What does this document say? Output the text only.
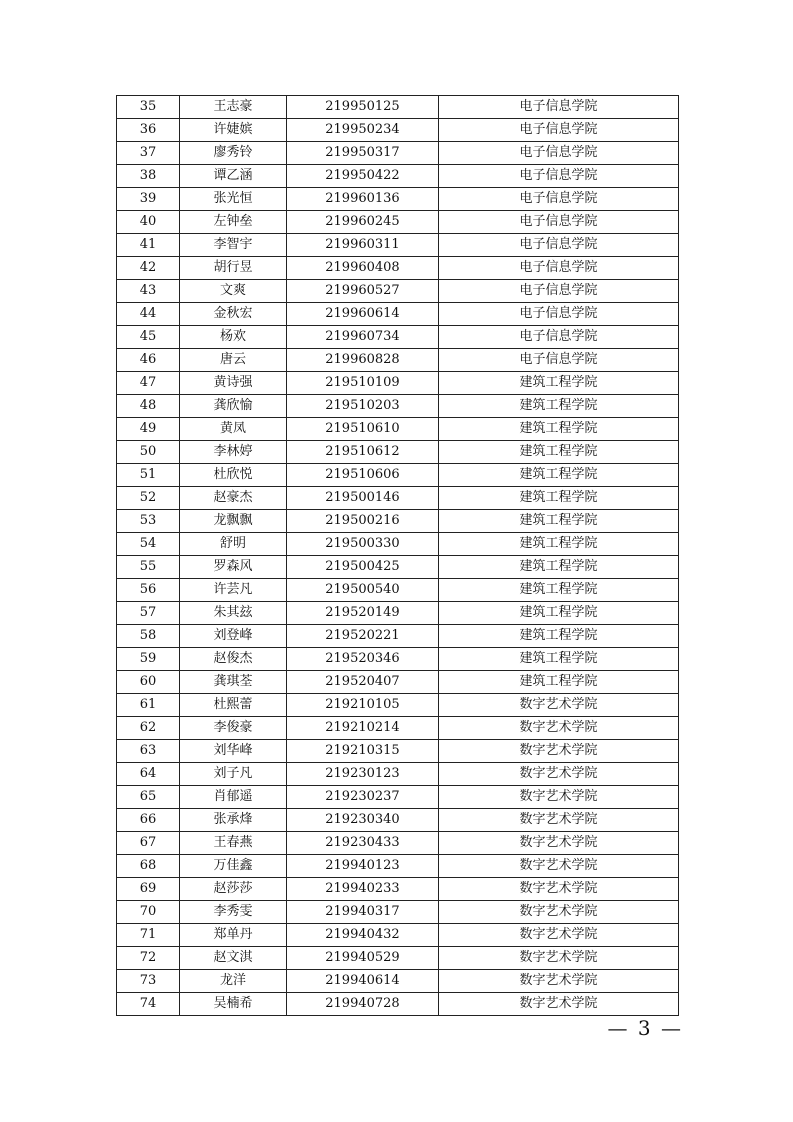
35	王志豪	219950125	电子信息学院
36	许婕嫔	219950234	电子信息学院
37	廖秀铃	219950317	电子信息学院
38	谭乙涵	219950422	电子信息学院
39	张光恒	219960136	电子信息学院
40	左钟垒	219960245	电子信息学院
41	李智宇	219960311	电子信息学院
42	胡行昱	219960408	电子信息学院
43	文爽	219960527	电子信息学院
44	金秋宏	219960614	电子信息学院
45	杨欢	219960734	电子信息学院
46	唐云	219960828	电子信息学院
47	黄诗强	219510109	建筑工程学院
48	龚欣愉	219510203	建筑工程学院
49	黄凤	219510610	建筑工程学院
50	李林婷	219510612	建筑工程学院
51	杜欣悦	219510606	建筑工程学院
52	赵豪杰	219500146	建筑工程学院
53	龙飘飘	219500216	建筑工程学院
54	舒明	219500330	建筑工程学院
55	罗森风	219500425	建筑工程学院
56	许芸凡	219500540	建筑工程学院
57	朱其玆	219520149	建筑工程学院
58	刘登峰	219520221	建筑工程学院
59	赵俊杰	219520346	建筑工程学院
60	龚琪荃	219520407	建筑工程学院
61	杜熙蕾	219210105	数字艺术学院
62	李俊豪	219210214	数字艺术学院
63	刘华峰	219210315	数字艺术学院
64	刘子凡	219230123	数字艺术学院
65	肖郁遥	219230237	数字艺术学院
66	张承烽	219230340	数字艺术学院
67	王春燕	219230433	数字艺术学院
68	万佳鑫	219940123	数字艺术学院
69	赵莎莎	219940233	数字艺术学院
70	李秀雯	219940317	数字艺术学院
71	郑单丹	219940432	数字艺术学院
72	赵文淇	219940529	数字艺术学院
73	龙洋	219940614	数字艺术学院
74	吴楠希	219940728	数字艺术学院
— 3 —
